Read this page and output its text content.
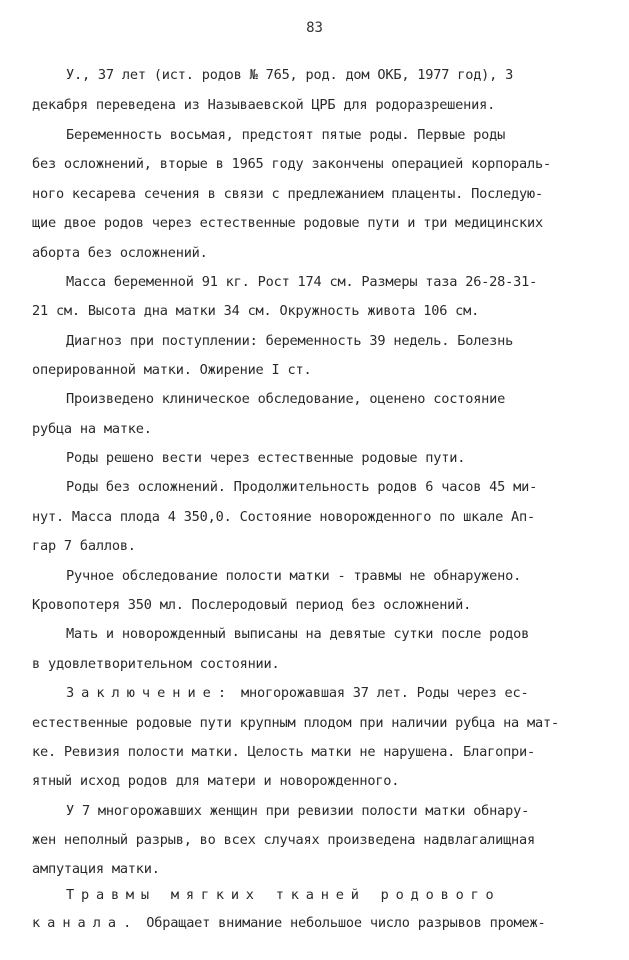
83
У., 37 лет (ист. родов № 765, род. дом ОКБ, 1977 год), 3
декабря переведена из Называевской ЦРБ для родоразрешения.
Беременность восьмая, предстоят пятые роды. Первые роды
без осложнений, вторые в 1965 году закончены операцией корпораль-
ного кесарева сечения в связи с предлежанием плаценты. Последую-
щие двое родов через естественные родовые пути и три медицинских
аборта без осложнений.
Масса беременной 91 кг. Рост 174 см. Размеры таза 26-28-31-
21 см. Высота дна матки 34 см. Окружность живота 106 см.
Диагноз при поступлении: беременность 39 недель. Болезнь
оперированной матки. Ожирение I ст.
Произведено клиническое обследование, оценено состояние
рубца на матке.
Роды решено вести через естественные родовые пути.
Роды без осложнений. Продолжительность родов 6 часов 45 ми-
нут. Масса плода 4 350,0. Состояние новорожденного по шкале Ап-
гар 7 баллов.
Ручное обследование полости матки - травмы не обнаружено.
Кровопотеря 350 мл. Послеродовый период без осложнений.
Мать и новорожденный выписаны на девятые сутки после родов
в удовлетворительном состоянии.
Заключение: многорожавшая 37 лет. Роды через ес-
естественные родовые пути крупным плодом при наличии рубца на мат-
ке. Ревизия полости матки. Целость матки не нарушена. Благопри-
ятный исход родов для матери и новорожденного.
У 7 многорожавших женщин при ревизии полости матки обнару-
жен неполный разрыв, во всех случаях произведена надвлагалищная
ампутация матки.
Травмы мягких тканей родового
канала. Обращает внимание небольшое число разрывов промеж-
